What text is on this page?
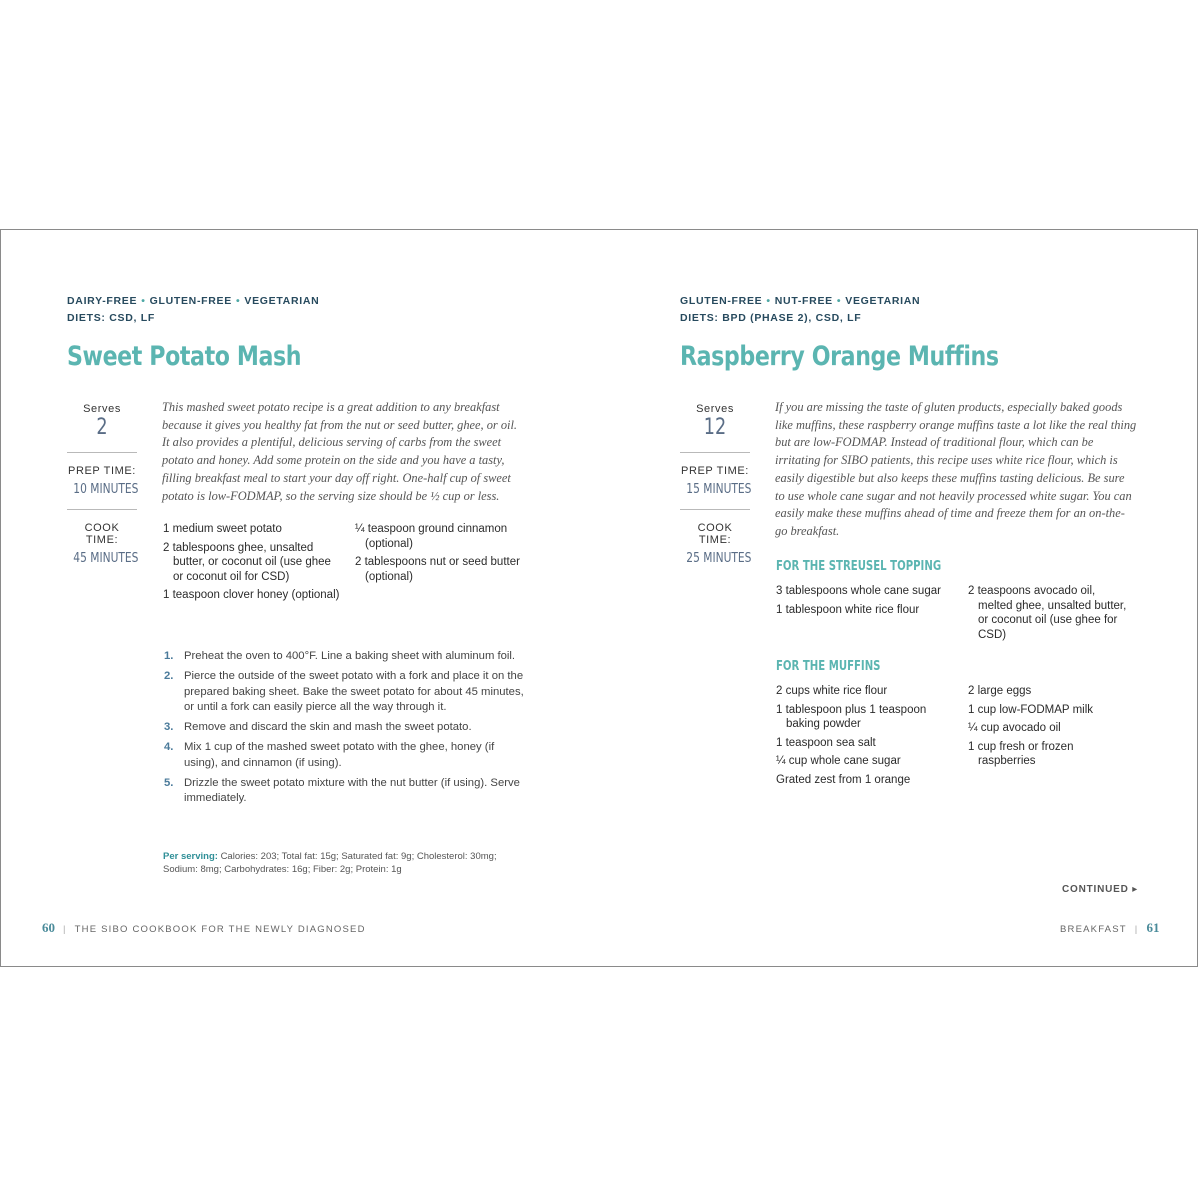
DAIRY-FREE • GLUTEN-FREE • VEGETARIAN
DIETS: CSD, LF
Sweet Potato Mash
Serves
2
PREP TIME:
10 MINUTES
COOK TIME:
45 MINUTES
This mashed sweet potato recipe is a great addition to any breakfast because it gives you healthy fat from the nut or seed butter, ghee, or oil. It also provides a plentiful, delicious serving of carbs from the sweet potato and honey. Add some protein on the side and you have a tasty, filling breakfast meal to start your day off right. One-half cup of sweet potato is low-FODMAP, so the serving size should be ½ cup or less.
1 medium sweet potato
2 tablespoons ghee, unsalted butter, or coconut oil (use ghee or coconut oil for CSD)
1 teaspoon clover honey (optional)
¼ teaspoon ground cinnamon (optional)
2 tablespoons nut or seed butter (optional)
1. Preheat the oven to 400°F. Line a baking sheet with aluminum foil.
2. Pierce the outside of the sweet potato with a fork and place it on the prepared baking sheet. Bake the sweet potato for about 45 minutes, or until a fork can easily pierce all the way through it.
3. Remove and discard the skin and mash the sweet potato.
4. Mix 1 cup of the mashed sweet potato with the ghee, honey (if using), and cinnamon (if using).
5. Drizzle the sweet potato mixture with the nut butter (if using). Serve immediately.
Per serving: Calories: 203; Total fat: 15g; Saturated fat: 9g; Cholesterol: 30mg; Sodium: 8mg; Carbohydrates: 16g; Fiber: 2g; Protein: 1g
60 | THE SIBO COOKBOOK FOR THE NEWLY DIAGNOSED
GLUTEN-FREE • NUT-FREE • VEGETARIAN
DIETS: BPD (PHASE 2), CSD, LF
Raspberry Orange Muffins
Serves
12
PREP TIME:
15 MINUTES
COOK TIME:
25 MINUTES
If you are missing the taste of gluten products, especially baked goods like muffins, these raspberry orange muffins taste a lot like the real thing but are low-FODMAP. Instead of traditional flour, which can be irritating for SIBO patients, this recipe uses white rice flour, which is easily digestible but also keeps these muffins tasting delicious. Be sure to use whole cane sugar and not heavily processed white sugar. You can easily make these muffins ahead of time and freeze them for an on-the-go breakfast.
FOR THE STREUSEL TOPPING
3 tablespoons whole cane sugar
1 tablespoon white rice flour
2 teaspoons avocado oil, melted ghee, unsalted butter, or coconut oil (use ghee for CSD)
FOR THE MUFFINS
2 cups white rice flour
1 tablespoon plus 1 teaspoon baking powder
1 teaspoon sea salt
¼ cup whole cane sugar
Grated zest from 1 orange
2 large eggs
1 cup low-FODMAP milk
¼ cup avocado oil
1 cup fresh or frozen raspberries
CONTINUED ▸
BREAKFAST | 61
